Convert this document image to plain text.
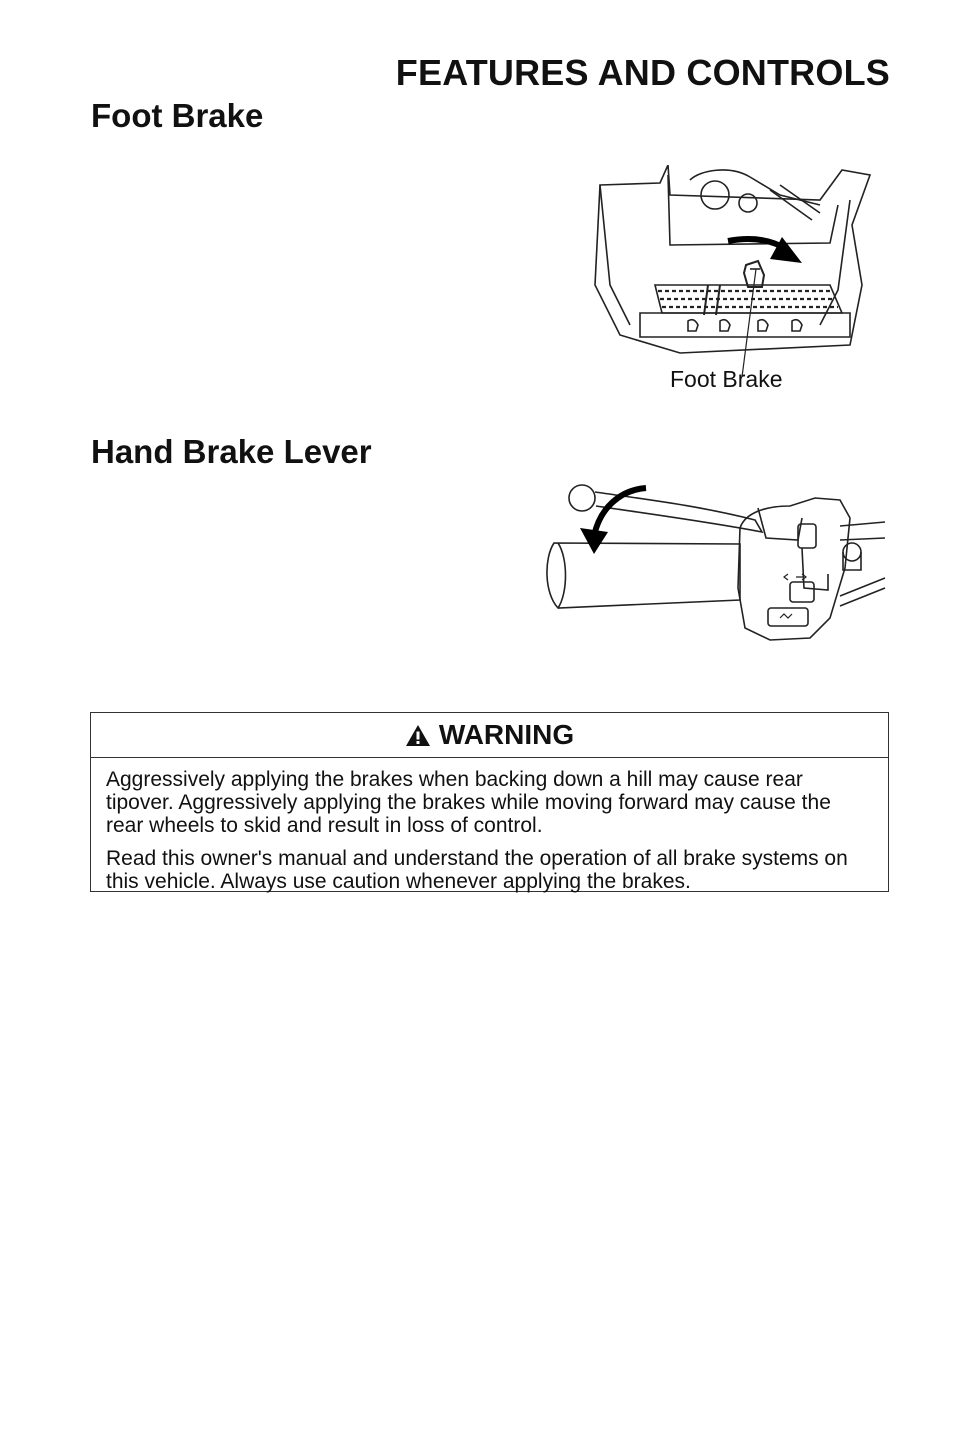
FEATURES AND CONTROLS
Foot Brake
Foot Brake
Hand Brake Lever
WARNING

Aggressively applying the brakes when backing down a hill may cause rear tipover. Aggressively applying the brakes while moving forward may cause the rear wheels to skid and result in loss of control.

Read this owner's manual and understand the operation of all brake systems on this vehicle. Always use caution whenever applying the brakes.
